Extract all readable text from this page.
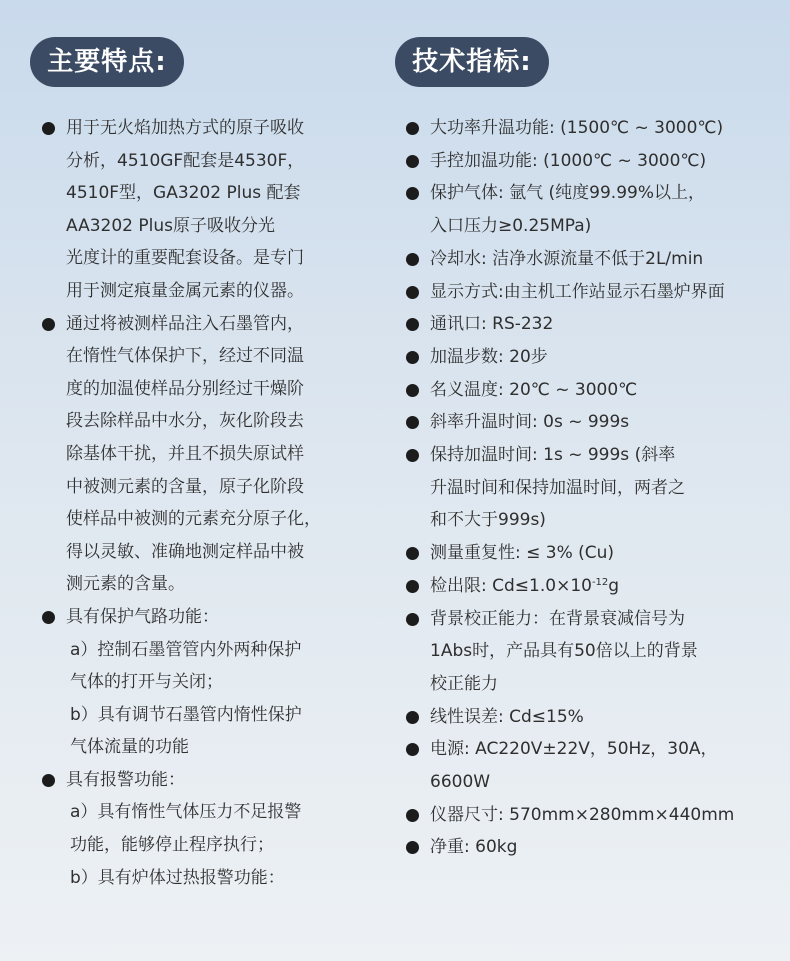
主要特点:
用于无火焰加热方式的原子吸收
分析，4510GF配套是4530F，
4510F型，GA3202 Plus 配套
AA3202 Plus原子吸收分光
光度计的重要配套设备。是专门
用于测定痕量金属元素的仪器。
通过将被测样品注入石墨管内，
在惰性气体保护下，经过不同温
度的加温使样品分别经过干燥阶
段去除样品中水分，灰化阶段去
除基体干扰，并且不损失原试样
中被测元素的含量，原子化阶段
使样品中被测的元素充分原子化，
得以灵敏、准确地测定样品中被
测元素的含量。
具有保护气路功能：
a）控制石墨管管内外两种保护
气体的打开与关闭；
b）具有调节石墨管内惰性保护
气体流量的功能
具有报警功能：
a）具有惰性气体压力不足报警
功能，能够停止程序执行；
b）具有炉体过热报警功能：
技术指标:
大功率升温功能: (1500℃ ~ 3000℃)
手控加温功能: (1000℃ ~ 3000℃)
保护气体: 氩气 (纯度99.99%以上，
入口压力≥0.25MPa)
冷却水: 洁净水源流量不低于2L/min
显示方式:由主机工作站显示石墨炉界面
通讯口: RS-232
加温步数: 20步
名义温度: 20℃ ~ 3000℃
斜率升温时间: 0s ~ 999s
保持加温时间: 1s ~ 999s (斜率
升温时间和保持加温时间，两者之
和不大于999s)
测量重复性: ≤ 3% (Cu)
检出限: $Cd\le 1.0\times 10^{-12}g$
背景校正能力：在背景衰减信号为
1Abs时，产品具有50倍以上的背景
校正能力
线性误差: Cd≤15%
电源: AC220V±22V，50Hz，30A，
6600W
仪器尺寸: 570mm×280mm×440mm
净重: 60kg
